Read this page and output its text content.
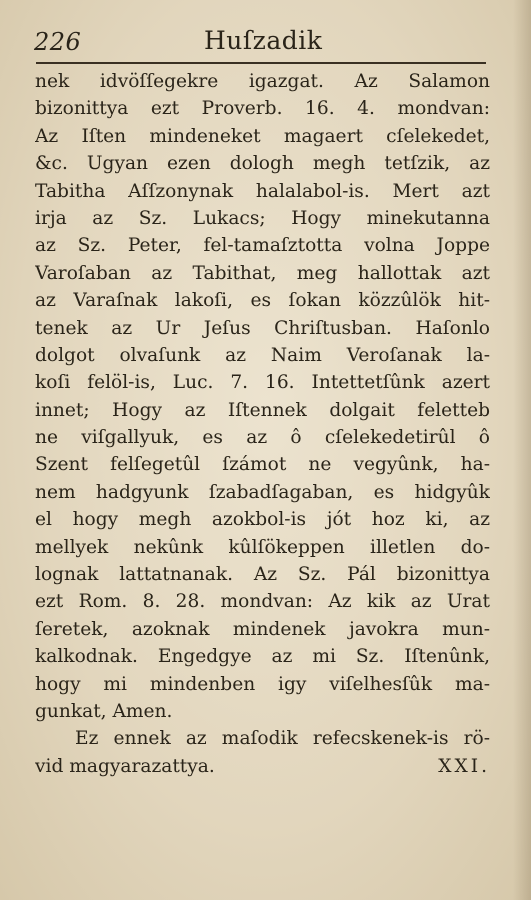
226	Huſzadik
nek idvöſſegekre igazgat. Az Salamon
bizonittya ezt Proverb. 16. 4. mondvan:
Az Iſten mindeneket magaert cſelekedet,
&c. Ugyan ezen dologh megh tetſzik, az
Tabitha Aſſzonynak halalabol-is. Mert azt
irja az Sz. Lukacs; Hogy minekutanna
az Sz. Peter, fel-tamaſztotta volna Joppe
Varoſaban az Tabithat, meg hallottak azt
az Varaſnak lakoſi, es ſokan közzûlök hit-
tenek az Ur Jeſus Chriſtusban. Haſonlo
dolgot olvaſunk az Naim Veroſanak la-
koſi felöl-is, Luc. 7. 16. Intettetſûnk azert
innet; Hogy az Iſtennek dolgait feletteb
ne viſgallyuk, es az ô cſelekedetirûl ô
Szent felſegetûl ſzámot ne vegyûnk, ha-
nem hadgyunk ſzabadſagaban, es hidgyûk
el hogy megh azokbol-is jót hoz ki, az
mellyek nekûnk kûlſökeppen illetlen do-
lognak lattatnanak. Az Sz. Pál bizonittya
ezt Rom. 8. 28. mondvan: Az kik az Urat
ſeretek, azoknak mindenek javokra mun-
kalkodnak. Engedgye az mi Sz. Iſtenûnk,
hogy mi mindenben igy viſelhesſûk ma-
gunkat, Amen.
Ez ennek az maſodik refecskenek-is rö-
vid magyarazattya.	XXI.
